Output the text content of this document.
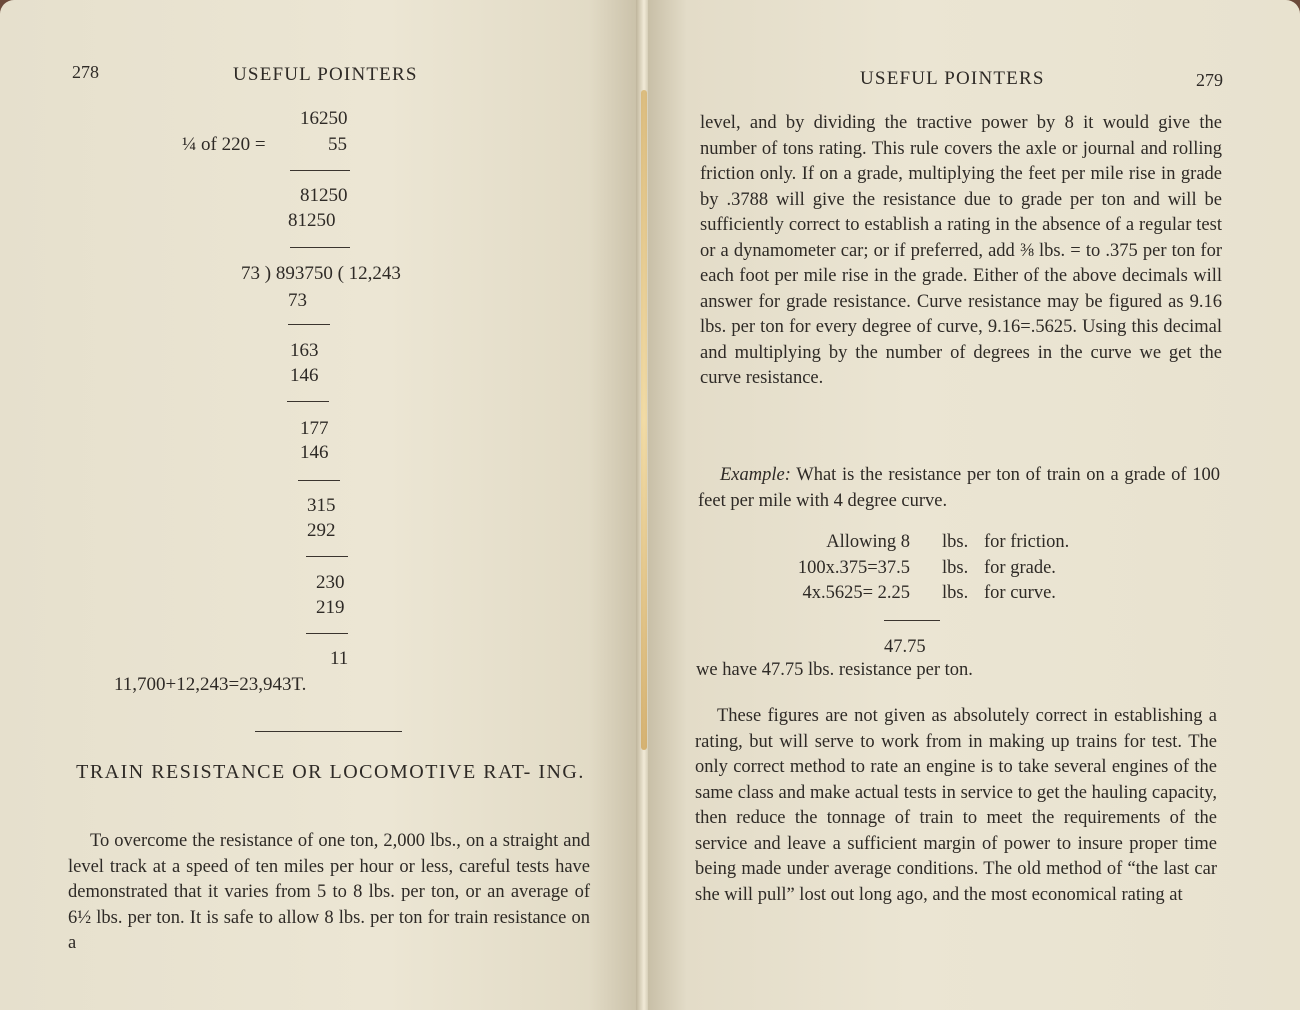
278	USEFUL POINTERS
16250
¼ of 220 =	55
81250
81250
73 ) 893750 ( 12,243
73
163
146
177
146
315
292
230
219
11
11,700+12,243=23,943T.
TRAIN RESISTANCE OR LOCOMOTIVE RAT- ING.

To overcome the resistance of one ton, 2,000 lbs., on a straight and level track at a speed of ten miles per hour or less, careful tests have demonstrated that it varies from 5 to 8 lbs. per ton, or an average of 6½ lbs. per ton. It is safe to allow 8 lbs. per ton for train resistance on a

USEFUL POINTERS	279

level, and by dividing the tractive power by 8 it would give the number of tons rating. This rule covers the axle or journal and rolling friction only. If on a grade, multiplying the feet per mile rise in grade by .3788 will give the resistance due to grade per ton and will be sufficiently correct to establish a rating in the absence of a regular test or a dynamometer car; or if preferred, add ⅜ lbs. = to .375 per ton for each foot per mile rise in the grade. Either of the above decimals will answer for grade resistance. Curve resistance may be figured as 9.16 lbs. per ton for every degree of curve, 9.16=.5625. Using this decimal and multiplying by the number of degrees in the curve we get the curve resistance.

Example: What is the resistance per ton of train on a grade of 100 feet per mile with 4 degree curve.

Allowing 8 lbs. for friction.
100x.375=37.5 lbs. for grade.
4x.5625= 2.25 lbs. for curve.
47.75
we have 47.75 lbs. resistance per ton.

These figures are not given as absolutely correct in establishing a rating, but will serve to work from in making up trains for test. The only correct method to rate an engine is to take several engines of the same class and make actual tests in service to get the hauling capacity, then reduce the tonnage of train to meet the requirements of the service and leave a sufficient margin of power to insure proper time being made under average conditions. The old method of “the last car she will pull” lost out long ago, and the most economical rating at
